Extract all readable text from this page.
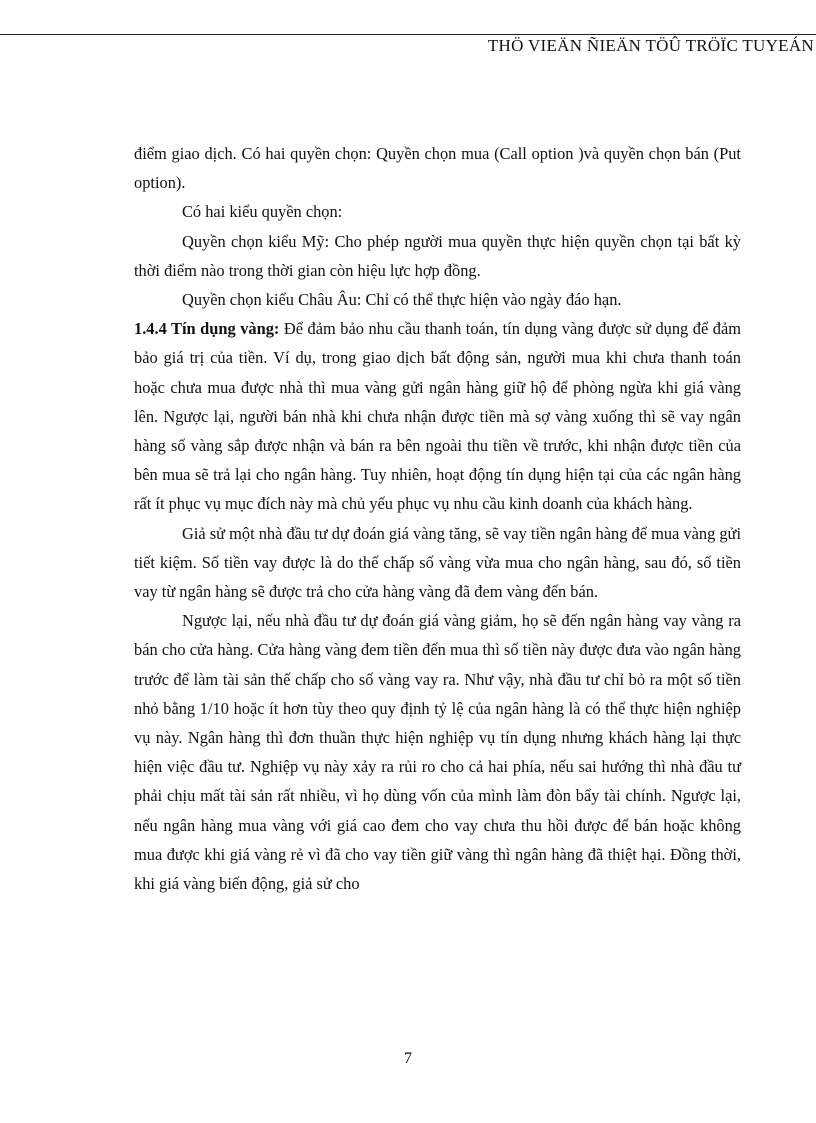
THÖ VIEÄN ÑIEÄN TÖÛ TRÖÏC TUYEÁN

điểm giao dịch. Có hai quyền chọn: Quyền chọn mua (Call option )và quyền chọn bán (Put option).

Có hai kiểu quyền chọn:

Quyền chọn kiểu Mỹ: Cho phép người mua quyền thực hiện quyền chọn tại bất kỳ thời điểm nào trong thời gian còn hiệu lực hợp đồng.

Quyền chọn kiểu Châu Âu: Chỉ có thể thực hiện vào ngày đáo hạn.

1.4.4 Tín dụng vàng: Để đảm bảo nhu cầu thanh toán, tín dụng vàng được sử dụng để đảm bảo giá trị của tiền. Ví dụ, trong giao dịch bất động sản, người mua khi chưa thanh toán hoặc chưa mua được nhà thì mua vàng gửi ngân hàng giữ hộ để phòng ngừa khi giá vàng lên. Ngược lại, người bán nhà khi chưa nhận được tiền mà sợ vàng xuống thì sẽ vay ngân hàng số vàng sắp được nhận và bán ra bên ngoài thu tiền về trước, khi nhận được tiền của bên mua sẽ trả lại cho ngân hàng. Tuy nhiên, hoạt động tín dụng hiện tại của các ngân hàng rất ít phục vụ mục đích này mà chủ yếu phục vụ nhu cầu kinh doanh của khách hàng.

Giả sử một nhà đầu tư dự đoán giá vàng tăng, sẽ vay tiền ngân hàng để mua vàng gửi tiết kiệm. Số tiền vay được là do thế chấp số vàng vừa mua cho ngân hàng, sau đó, số tiền vay từ ngân hàng sẽ được trả cho cửa hàng vàng đã đem vàng đến bán.

Ngược lại, nếu nhà đầu tư dự đoán giá vàng giảm, họ sẽ đến ngân hàng vay vàng ra bán cho cửa hàng. Cửa hàng vàng đem tiền đến mua thì số tiền này được đưa vào ngân hàng trước để làm tài sản thế chấp cho số vàng vay ra. Như vậy, nhà đầu tư chỉ bỏ ra một số tiền nhỏ bằng 1/10 hoặc ít hơn tùy theo quy định tỷ lệ của ngân hàng là có thể thực hiện nghiệp vụ này. Ngân hàng thì đơn thuần thực hiện nghiệp vụ tín dụng nhưng khách hàng lại thực hiện việc đầu tư. Nghiệp vụ này xảy ra rủi ro cho cả hai phía, nếu sai hướng thì nhà đầu tư phải chịu mất tài sản rất nhiều, vì họ dùng vốn của mình làm đòn bẩy tài chính. Ngược lại, nếu ngân hàng mua vàng với giá cao đem cho vay chưa thu hồi được để bán hoặc không mua được khi giá vàng rẻ vì đã cho vay tiền giữ vàng thì ngân hàng đã thiệt hại. Đồng thời, khi giá vàng biến động, giả sử cho

7
